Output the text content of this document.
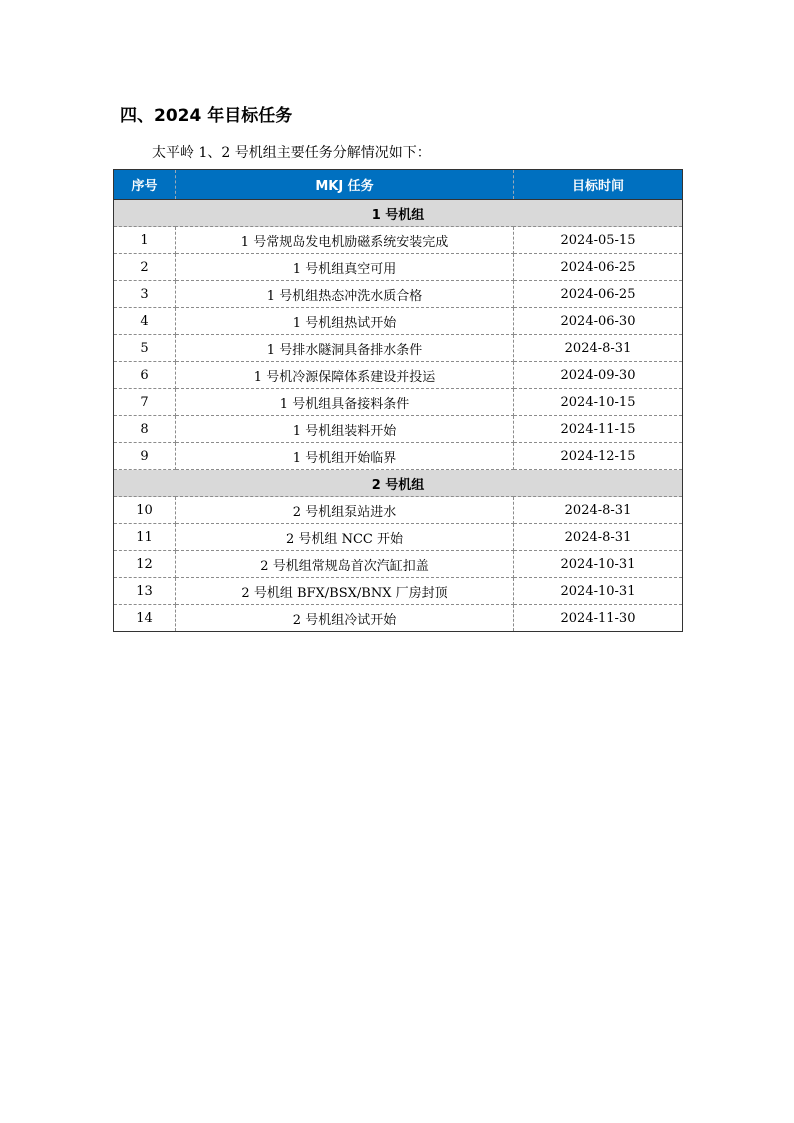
四、2024 年目标任务
太平岭 1、2 号机组主要任务分解情况如下：
序号	MKJ 任务	目标时间
1 号机组		
1	1 号常规岛发电机励磁系统安装完成	2024-05-15
2	1 号机组真空可用	2024-06-25
3	1 号机组热态冲洗水质合格	2024-06-25
4	1 号机组热试开始	2024-06-30
5	1 号排水隧洞具备排水条件	2024-8-31
6	1 号机冷源保障体系建设并投运	2024-09-30
7	1 号机组具备接料条件	2024-10-15
8	1 号机组装料开始	2024-11-15
9	1 号机组开始临界	2024-12-15
2 号机组		
10	2 号机组泵站进水	2024-8-31
11	2 号机组 NCC 开始	2024-8-31
12	2 号机组常规岛首次汽缸扣盖	2024-10-31
13	2 号机组 BFX/BSX/BNX 厂房封顶	2024-10-31
14	2 号机组冷试开始	2024-11-30
